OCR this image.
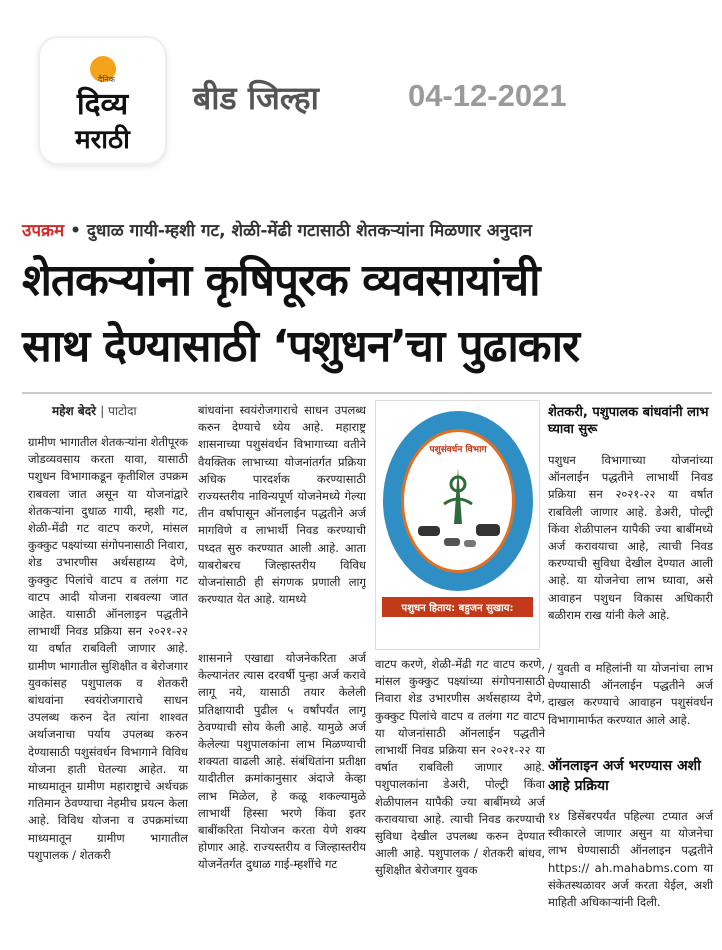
दैनिक
दिव्य
मराठी
बीड जिल्हा	04-12-2021
उपक्रम • दुधाळ गायी-म्हशी गट, शेळी-मेंढी गटासाठी शेतकऱ्यांना मिळणार अनुदान
शेतकऱ्यांना कृषिपूरक व्यवसायांची
साथ देण्यासाठी ‘पशुधन’चा पुढाकार
महेश बेदरे | पाटोदा
ग्रामीण भागातील शेतकऱ्यांना शेतीपूरक जोडव्यवसाय करता यावा, यासाठी पशुधन विभागाकडून कृतीशिल उपक्रम राबवला जात असून या योजनांद्वारे शेतकऱ्यांना दुधाळ गायी, म्हशी गट, शेळी-मेंढी गट वाटप करणे, मांसल कुक्कुट पक्ष्यांच्या संगोपनासाठी निवारा, शेड उभारणीस अर्थसहाय्य देणे, कुक्कुट पिलांचे वाटप व तलंगा गट वाटप आदी योजना राबवल्या जात आहेत. यासाठी ऑनलाइन पद्धतीने लाभार्थी निवड प्रक्रिया सन २०२१-२२ या वर्षात राबविली जाणार आहे. ग्रामीण भागातील सुशिक्षीत व बेरोजगार युवकांसह पशुपालक व शेतकरी बांधवांना स्वयंरोजगाराचे साधन उपलब्ध करुन देत त्यांना शाश्वत अर्थाजनाचा पर्याय उपलब्ध करुन देण्यासाठी पशुसंवर्धन विभागाने विविध योजना हाती घेतल्या आहेत. या माध्यमातून ग्रामीण महाराष्ट्राचे अर्थचक्र गतिमान ठेवण्याचा नेहमीच प्रयत्न केला आहे. विविध योजना व उपक्रमांच्या माध्यमातून ग्रामीण भागातील पशुपालक / शेतकरी
बांधवांना स्वयंरोजगाराचे साधन उपलब्ध करुन देण्याचे ध्येय आहे. महाराष्ट्र शासनाच्या पशुसंवर्धन विभागाच्या वतीने वैयक्तिक लाभाच्या योजनांतर्गत प्रक्रिया अधिक पारदर्शक करण्यासाठी राज्यस्तरीय नाविन्यपूर्ण योजनेमध्ये गेल्या तीन वर्षापासून ऑनलाईन पद्धतीने अर्ज मागविणे व लाभार्थी निवड करण्याची पध्दत सुरु करण्यात आली आहे. आता याबरोबरच जिल्हास्तरीय विविध योजनांसाठी ही संगणक प्रणाली लागू करण्यात येत आहे. यामध्ये
शासनाने एखाद्या योजनेकरिता अर्ज केल्यानंतर त्यास दरवर्षी पुन्हा अर्ज करावे लागू नये, यासाठी तयार केलेली प्रतिक्षायादी पुढील ५ वर्षांपर्यंत लागू ठेवण्याची सोय केली आहे. यामुळे अर्ज केलेल्या पशुपालकांना लाभ मिळण्याची शक्यता वाढली आहे. संबंधितांना प्रतीक्षा यादीतील क्रमांकानुसार अंदाजे केव्हा लाभ मिळेल, हे कळू शकल्यामुळे लाभार्थी हिस्सा भरणे किंवा इतर बाबींकरिता नियोजन करता येणे शक्य होणार आहे. राज्यस्तरीय व जिल्हास्तरीय योजनेंतर्गत दुधाळ गाई-म्हशींचे गट
वाटप करणे, शेळी-मेंढी गट वाटप करणे, मांसल कुक्कुट पक्ष्यांच्या संगोपनासाठी निवारा शेड उभारणीस अर्थसहाय्य देणे, कुक्कुट पिलांचे वाटप व तलंगा गट वाटप या योजनांसाठी ऑनलाईन पद्धतीने लाभार्थी निवड प्रक्रिया सन २०२१-२२ या वर्षात राबविली जाणार आहे. पशुपालकांना डेअरी, पोल्ट्री किंवा शेळीपालन यापैकी ज्या बाबींमध्ये अर्ज करावयाचा आहे. त्याची निवड करण्याची सुविधा देखील उपलब्ध करुन देण्यात आली आहे. पशुपालक / शेतकरी बांधव, सुशिक्षीत बेरोजगार युवक
पशुसंवर्धन विभाग
पशुधन हिताय: बहुजन सुखाय:
शेतकरी, पशुपालक बांधवांनी लाभ घ्यावा सुरू
पशुधन विभागाच्या योजनांच्या ऑनलाईन पद्धतीने लाभार्थी निवड प्रक्रिया सन २०२१-२२ या वर्षात राबविली जाणार आहे. डेअरी, पोल्ट्री किंवा शेळीपालन यापैकी ज्या बाबींमध्ये अर्ज करावयाचा आहे, त्याची निवड करण्याची सुविधा देखील देण्यात आली आहे. या योजनेचा लाभ घ्यावा, असे आवाहन पशुधन विकास अधिकारी बळीराम राख यांनी केले आहे.
/ युवती व महिलांनी या योजनांचा लाभ घेण्यासाठी ऑनलाईन पद्धतीने अर्ज दाखल करण्याचे आवाहन पशुसंवर्धन विभागामार्फत करण्यात आले आहे.
ऑनलाइन अर्ज भरण्यास अशी आहे प्रक्रिया
१४ डिसेंबरपर्यंत पहिल्या टप्यात अर्ज स्वीकारले जाणार असुन या योजनेचा लाभ घेण्यासाठी ऑनलाइन पद्धतीने https:// ah.mahabms.com या संकेतस्थळावर अर्ज करता येईल, अशी माहिती अधिकाऱ्यांनी दिली.
